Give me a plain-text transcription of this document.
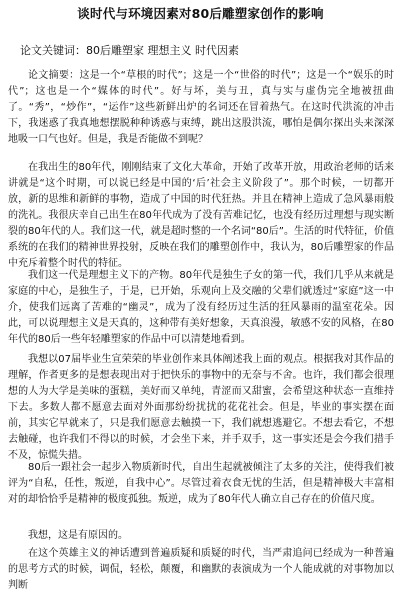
谈时代与环境因素对80后雕塑家创作的影响
论文关键词：80后雕塑家 理想主义 时代因素

论文摘要：这是一个“草根的时代”；这是一个“世俗的时代”；这是一个“娱乐的时代”；这也是一个“媒体的时代”。好与坏，美与丑，真与实与虚伪完全地被扭曲了。“秀”，“炒作”，“运作”这些新鲜出炉的名词还在冒着热气。在这时代洪流的冲击下，我迷惑了我真地想摆脱种种诱惑与束缚，跳出这股洪流，哪怕是偶尔探出头来深深地吸一口气也好。但是，我是否能做不到呢？

在我出生的80年代，刚刚结束了文化大革命，开始了改革开放，用政治老师的话来讲就是“这个时期，可以说已经是中国的‘后’社会主义阶段了”。那个时候，一切都开放，新的思维和新鲜的事物，造成了中国的时代狂热。并且在精神上造成了急风暴雨般的洗礼。我很庆幸自己出生在80年代成为了没有苦难记忆，也没有经历过理想与现实断裂的80年代的人。我们这一代，就是超时整的一个名词“80后”。生活的时代特征，价值系统的在我们的精神世界投射，反映在我们的雕塑创作中，我认为，80后雕塑家的作品中充斥着整个时代的特征。

我们这一代是理想主义下的产物。80年代是独生子女的第一代，我们几乎从来就是家庭的中心，是独生子，于是，已开始，乐观向上及交融的父辈们就透过“家庭”这一中介，使我们远离了苦难的“幽灵”，成为了没有经历过生活的狂风暴雨的温室花朵。因此，可以说理想主义是天真的，这种带有美好想象，天真浪漫，敏感不安的风格，在80年代的80后一些年轻雕塑家的作品中可以清楚地看到。

我想以07届毕业生宣荣荣的毕业创作来具体阐述我上面的观点。根据我对其作品的理解，作者更多的是想表现出对于把快乐的事物中的无奈与不舍。也许，我们都会很理想的人为大学是美味的蛋糕，美好而又单纯，青涩而又甜蜜，会希望这种状态一直维持下去。多数人都不愿意去面对外面那纷纷扰扰的花花社会。但是，毕业的事实摆在面前，其实它早就来了，只是我们愿意去触摸一下，我们就想逃避它。不想去看它，不想去触碰，也许我们不得以的时候，才会坐下来，并手双手，这一事实还是会今我们措手不及，惊慌失措。

80后一跟社会一起步入物质新时代，自出生起就被倾注了太多的关注，使得我们被评为“自私，任性，叛逆，自我中心”。尽管过着衣食无忧的生活，但是精神极大丰富相对的却恰恰乎是精神的极度孤独。叛逆，成为了80年代人确立自己存在的价值尺度。

我想，这是有原因的。

在这个英雄主义的神话遭到普遍质疑和质疑的时代，当严肃追问已经成为一种普遍的思考方式的时候，调侃，轻松，颠覆，和幽默的表演成为一个人能成就的对事物加以判断
